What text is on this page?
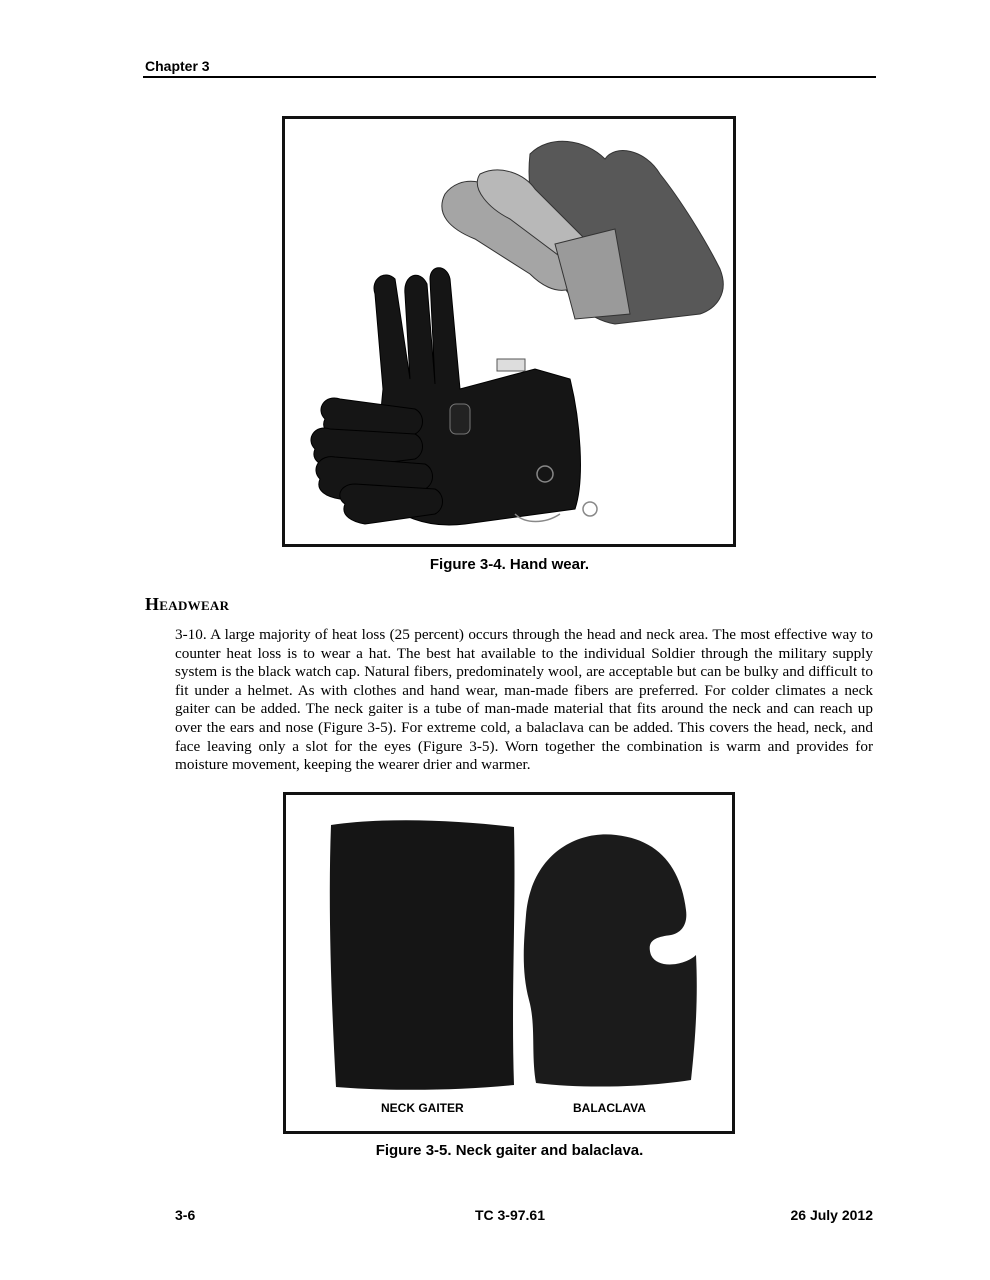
Chapter 3
Figure 3-4. Hand wear.
Headwear
3-10. A large majority of heat loss (25 percent) occurs through the head and neck area. The most effective way to counter heat loss is to wear a hat. The best hat available to the individual Soldier through the military supply system is the black watch cap. Natural fibers, predominately wool, are acceptable but can be bulky and difficult to fit under a helmet. As with clothes and hand wear, man-made fibers are preferred. For colder climates a neck gaiter can be added. The neck gaiter is a tube of man-made material that fits around the neck and can reach up over the ears and nose (Figure 3-5). For extreme cold, a balaclava can be added. This covers the head, neck, and face leaving only a slot for the eyes (Figure 3-5). Worn together the combination is warm and provides for moisture movement, keeping the wearer drier and warmer.
NECK GAITER	BALACLAVA
Figure 3-5. Neck gaiter and balaclava.
3-6	TC 3-97.61	26 July 2012
